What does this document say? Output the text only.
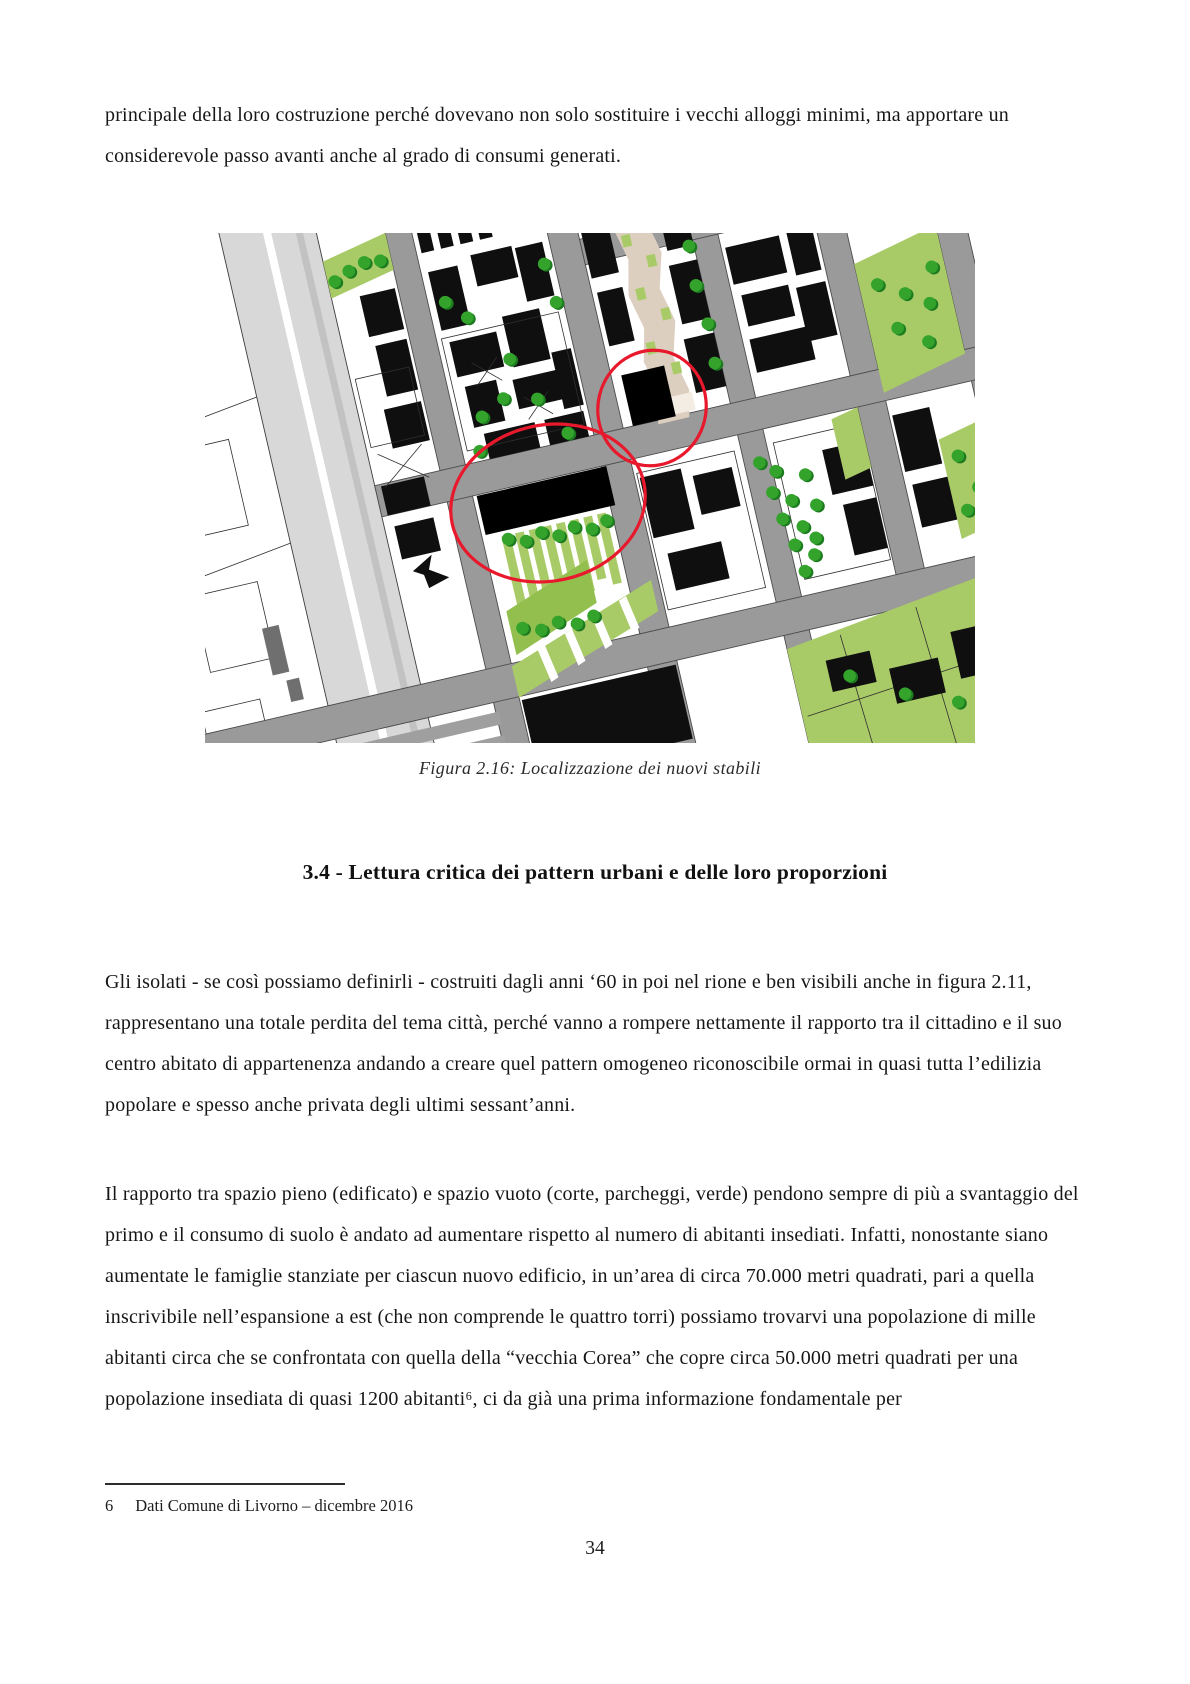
principale della loro costruzione perché dovevano non solo sostituire i vecchi alloggi minimi, ma apportare un considerevole passo avanti anche al grado di consumi generati.

Figura 2.16: Localizzazione dei nuovi stabili
3.4 - Lettura critica dei pattern urbani e delle loro proporzioni

Gli isolati - se così possiamo definirli - costruiti dagli anni ‘60 in poi nel rione e ben visibili anche in figura 2.11, rappresentano una totale perdita del tema città, perché vanno a rompere nettamente il rapporto tra il cittadino e il suo centro abitato di appartenenza andando a creare quel pattern omogeneo riconoscibile ormai in quasi tutta l’edilizia popolare e spesso anche privata degli ultimi sessant’anni.

Il rapporto tra spazio pieno (edificato) e spazio vuoto (corte, parcheggi, verde) pendono sempre di più a svantaggio del primo e il consumo di suolo è andato ad aumentare rispetto al numero di abitanti insediati. Infatti, nonostante siano aumentate le famiglie stanziate per ciascun nuovo edificio, in un’area di circa 70.000 metri quadrati, pari a quella inscrivibile nell’espansione a est (che non comprende le quattro torri) possiamo trovarvi una popolazione di mille abitanti circa che se confrontata con quella della “vecchia Corea” che copre circa 50.000 metri quadrati per una popolazione insediata di quasi 1200 abitanti⁶, ci da già una prima informazione fondamentale per

6 Dati Comune di Livorno – dicembre 2016
34
